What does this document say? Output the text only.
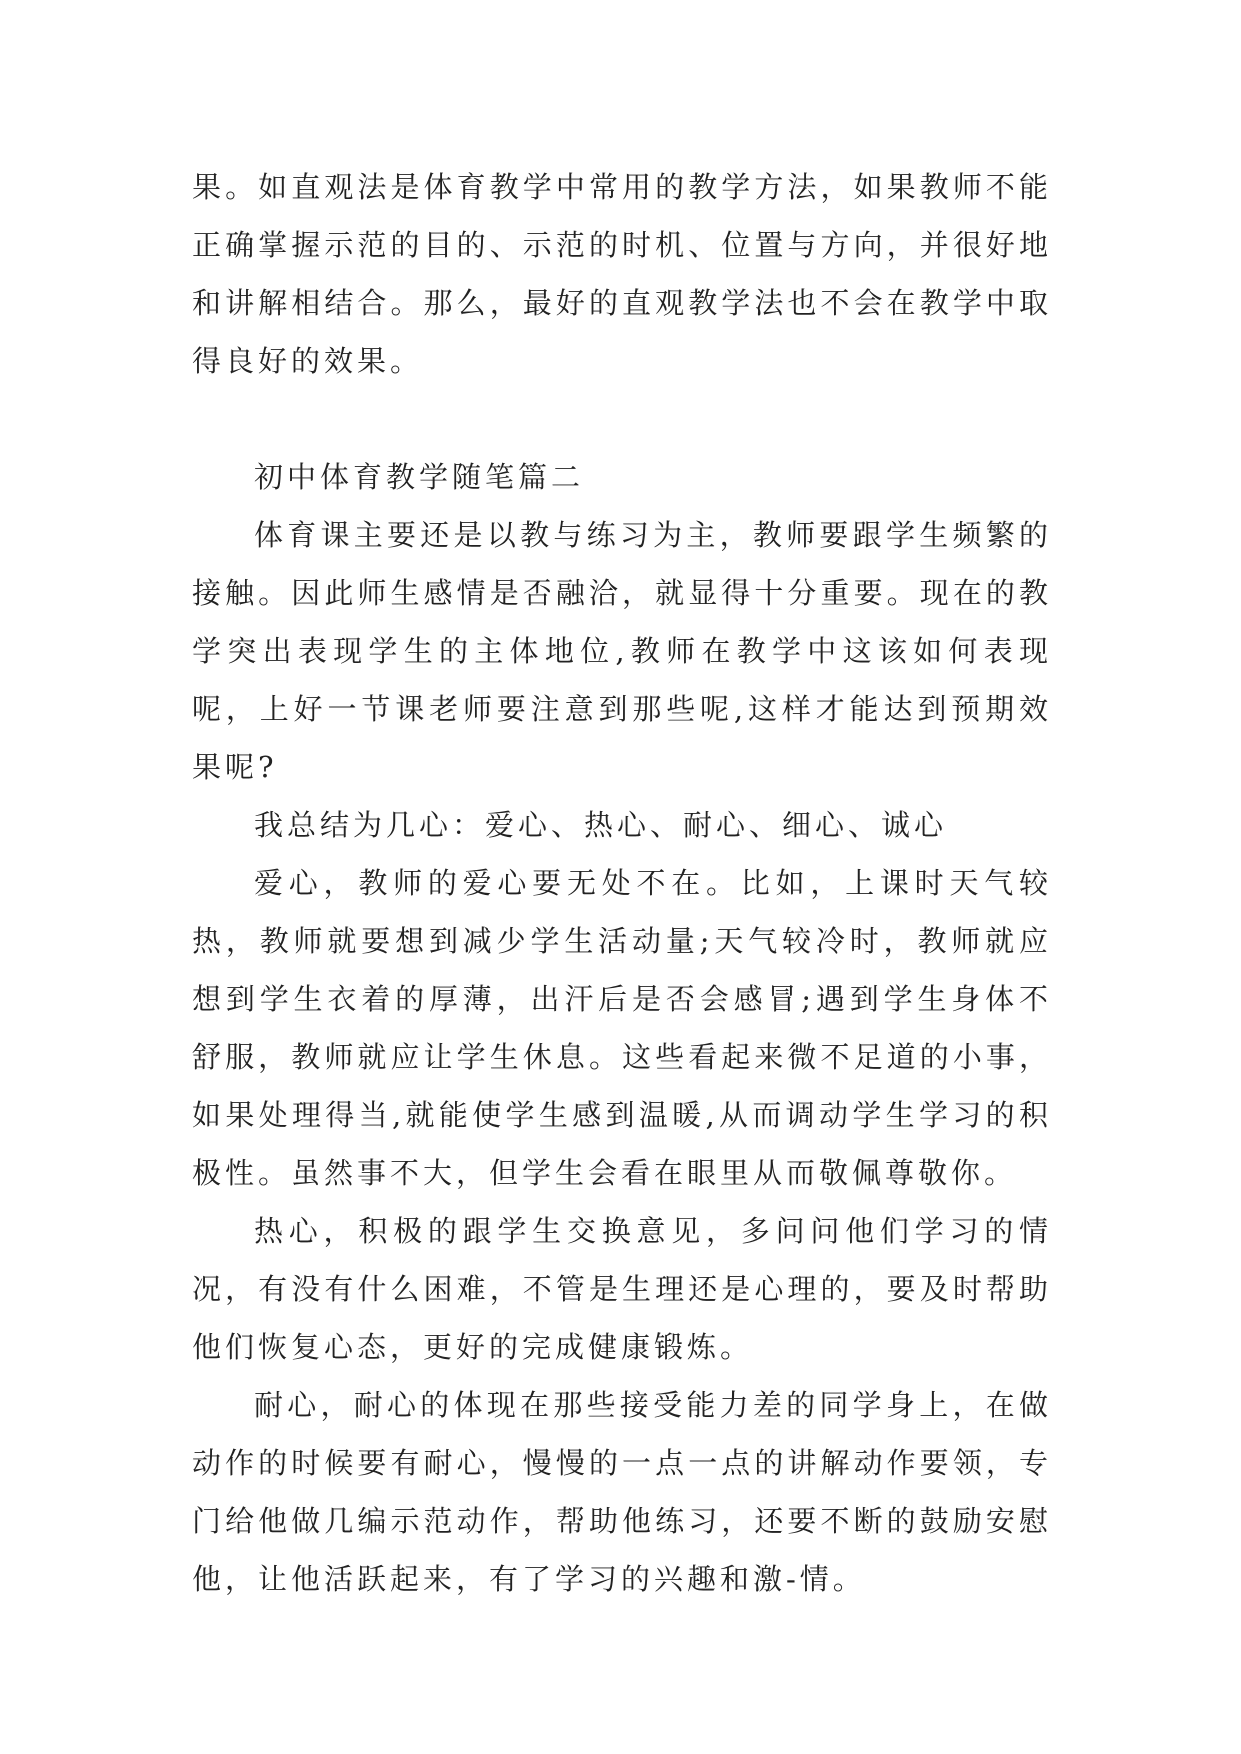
果。如直观法是体育教学中常用的教学方法，如果教师不能正确掌握示范的目的、示范的时机、位置与方向，并很好地和讲解相结合。那么，最好的直观教学法也不会在教学中取得良好的效果。

初中体育教学随笔篇二

体育课主要还是以教与练习为主，教师要跟学生频繁的接触。因此师生感情是否融洽，就显得十分重要。现在的教学突出表现学生的主体地位,教师在教学中这该如何表现呢，上好一节课老师要注意到那些呢,这样才能达到预期效果呢?

我总结为几心：爱心、热心、耐心、细心、诚心

爱心，教师的爱心要无处不在。比如，上课时天气较热，教师就要想到减少学生活动量;天气较冷时，教师就应想到学生衣着的厚薄，出汗后是否会感冒;遇到学生身体不舒服，教师就应让学生休息。这些看起来微不足道的小事，如果处理得当,就能使学生感到温暖,从而调动学生学习的积极性。虽然事不大，但学生会看在眼里从而敬佩尊敬你。

热心，积极的跟学生交换意见，多问问他们学习的情况，有没有什么困难，不管是生理还是心理的，要及时帮助他们恢复心态，更好的完成健康锻炼。

耐心，耐心的体现在那些接受能力差的同学身上，在做动作的时候要有耐心，慢慢的一点一点的讲解动作要领，专门给他做几编示范动作，帮助他练习，还要不断的鼓励安慰他，让他活跃起来，有了学习的兴趣和激-情。
